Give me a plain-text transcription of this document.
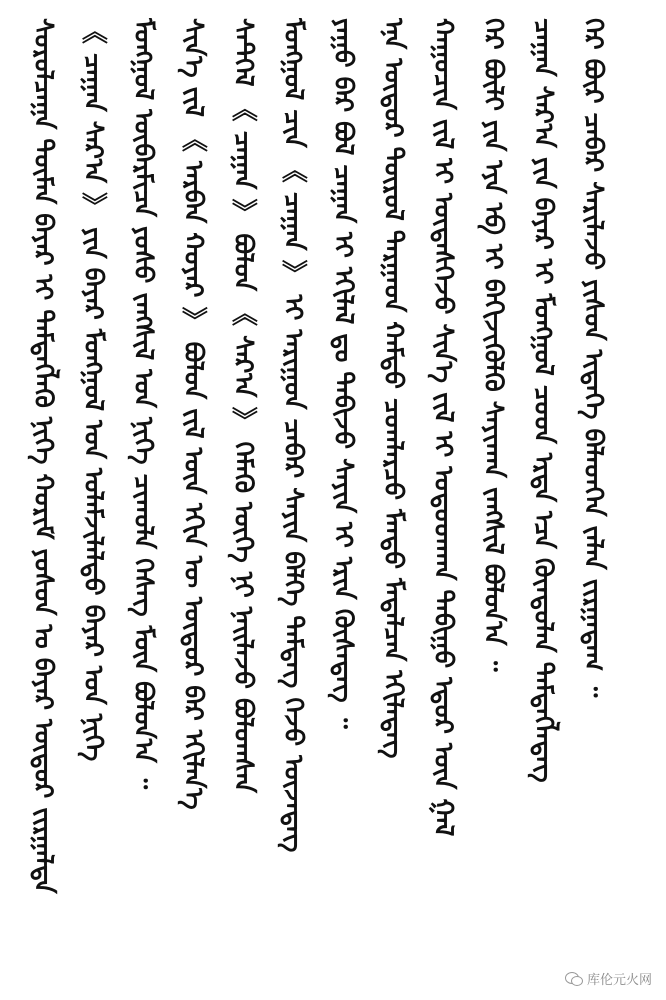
ᠰᠤᠷᠤᠯᠴᠠᠭᠠ ᠲᠦᠮᠡᠨ ᠪᠠᠶᠠᠷ ᠢ ᠲᠡᠮᠳᠡᠭᠯᠡᠬᠦ ᠨᠢᠭᠡ ᠬᠤᠷᠢᠮ ᠶᠣᠰᠤᠨ ᠤ ᠪᠠᠶᠠᠷ ᠦᠳᠦᠷ ᠵᠢᠷᠭᠠᠯᠲᠠ 《 ᠴᠠᠭᠠᠨ ᠰᠠᠷ᠎ᠠ 》 ᠶᠢᠨ ᠪᠠᠶᠠᠷ ᠮᠣᠩᠭᠣᠯ ᠤᠨ ᠤᠯᠠᠮᠵᠢᠯᠠᠯᠲᠤ ᠪᠠᠶᠠᠷ ᠤᠨ ᠨᠢᠭᠡ ᠮᠣᠩᠭᠣᠯ ᠥᠪᠡᠷᠮᠢᠴᠡ ᠶᠣᠰᠤ ᠵᠠᠩᠱᠢᠯ ᠤᠨ ᠨᠢᠭᠡ ᠴᠢᠬᠤᠯᠠ ᠬᠡᠰᠡᠭ ᠮᠥᠨ ᠪᠣᠯᠤᠨ᠎ᠠ ᠃ ᠰᠢᠨ᠎ᠡ ᠵᠢᠯ 《 ᠠᠷᠪᠠᠨ ᠬᠣᠶᠠᠷ 》 ᠪᠣᠯᠤᠨ ᠵᠢᠯ ᠦᠨ ᠡᠬᠢᠨ ᠦ ᠦᠳᠦᠷ ᠪᠡᠷ ᠡᠬᠢᠯᠡᠨ᠎ᠡ ᠰᠡᠲᠭᠡᠯ 《 ᠴᠠᠭᠠᠨ 》 ᠪᠣᠯᠤᠨ 《 ᠰᠠᠷ᠎ᠠ 》 ᠬᠡᠮᠡᠬᠦ ᠦᠭᠡ ᠨᠢ ᠨᠡᠢᠯᠡᠵᠦ ᠪᠣᠯᠤᠭᠰᠠᠨ ᠮᠣᠩᠭᠣᠯ ᠴᠢᠨ 《 ᠴᠠᠭᠠᠨ 》 ᠢ ᠠᠷᠢᠭᠤᠨ ᠴᠡᠪᠡᠷ ᠰᠠᠶᠢᠨ ᠪᠡᠯᠭᠡ ᠲᠡᠮᠳᠡᠭ ᠭᠡᠵᠦ ᠦᠵᠡᠳᠡᠭ ᠶᠠᠭᠤ ᠪᠠᠷ ᠪᠣᠯ ᠴᠠᠭᠠᠨ ᠢ ᠡᠬᠢᠯᠡᠯ ᠳᠤ ᠲᠠᠪᠢᠵᠤ ᠰᠠᠶᠢᠨ ᠢ ᠡᠷᠢᠨ ᠬᠦᠰᠡᠳᠡᠭ ᠃ ᠡᠨᠡ ᠦᠳᠦᠷ ᠲᠦᠷᠦᠯ ᠲᠠᠷᠭᠠᠳ ᠬᠠᠮᠲᠤ ᠴᠤᠭᠯᠠᠷᠴᠤ ᠮᠡᠨᠳᠦ ᠮᠡᠳᠡᠯᠴᠡᠨ ᠡᠬᠢᠯᠡᠳᠡᠭ ᠬᠠᠭᠤᠴᠢᠨ ᠵᠢᠯ ᠢ ᠦᠳᠡᠰᠬᠡᠵᠦ ᠰᠢᠨ᠎ᠡ ᠵᠢᠯ ᠢ ᠤᠳᠤᠳᠬᠠᠨ ᠲᠠᠪᠢᠭᠤ ᠡᠳᠦᠷ ᠦᠨ ᠭᠠᠯ ᠭᠡᠷ ᠪᠦᠯᠢ ᠶᠢᠨ ᠡᠶᠡ ᠡᠪ ᠢ ᠪᠡᠬᠢᠵᠢᠭᠦᠯᠬᠦ ᠰᠠᠶᠢᠬᠠᠨ ᠵᠠᠩᠱᠢᠯ ᠪᠣᠯᠤᠨ᠎ᠠ ᠃ ᠴᠠᠭᠠᠨ ᠰᠠᠷ᠎ᠠ ᠶᠢᠨ ᠪᠠᠶᠠᠷ ᠢ ᠮᠣᠩᠭᠣᠯ ᠴᠤᠳ ᠡᠷᠲᠡ ᠡᠴᠡ ᠬᠦᠨᠳᠦᠯᠡᠨ ᠲᠡᠮᠳᠡᠭᠯᠡᠳᠡᠭ ᠭᠡᠷ ᠪᠦᠷ ᠴᠡᠪᠡᠷ ᠰᠠᠷᠢᠯᠠᠵᠤ ᠶᠢᠰᠦᠨ ᠢᠳᠡᠭᠡ ᠪᠡᠯᠡᠳᠬᠡᠨ ᠵᠠᠯᠠᠨ ᠵᠢᠷᠭᠠᠳᠠᠭ ᠃
库伦元火网
